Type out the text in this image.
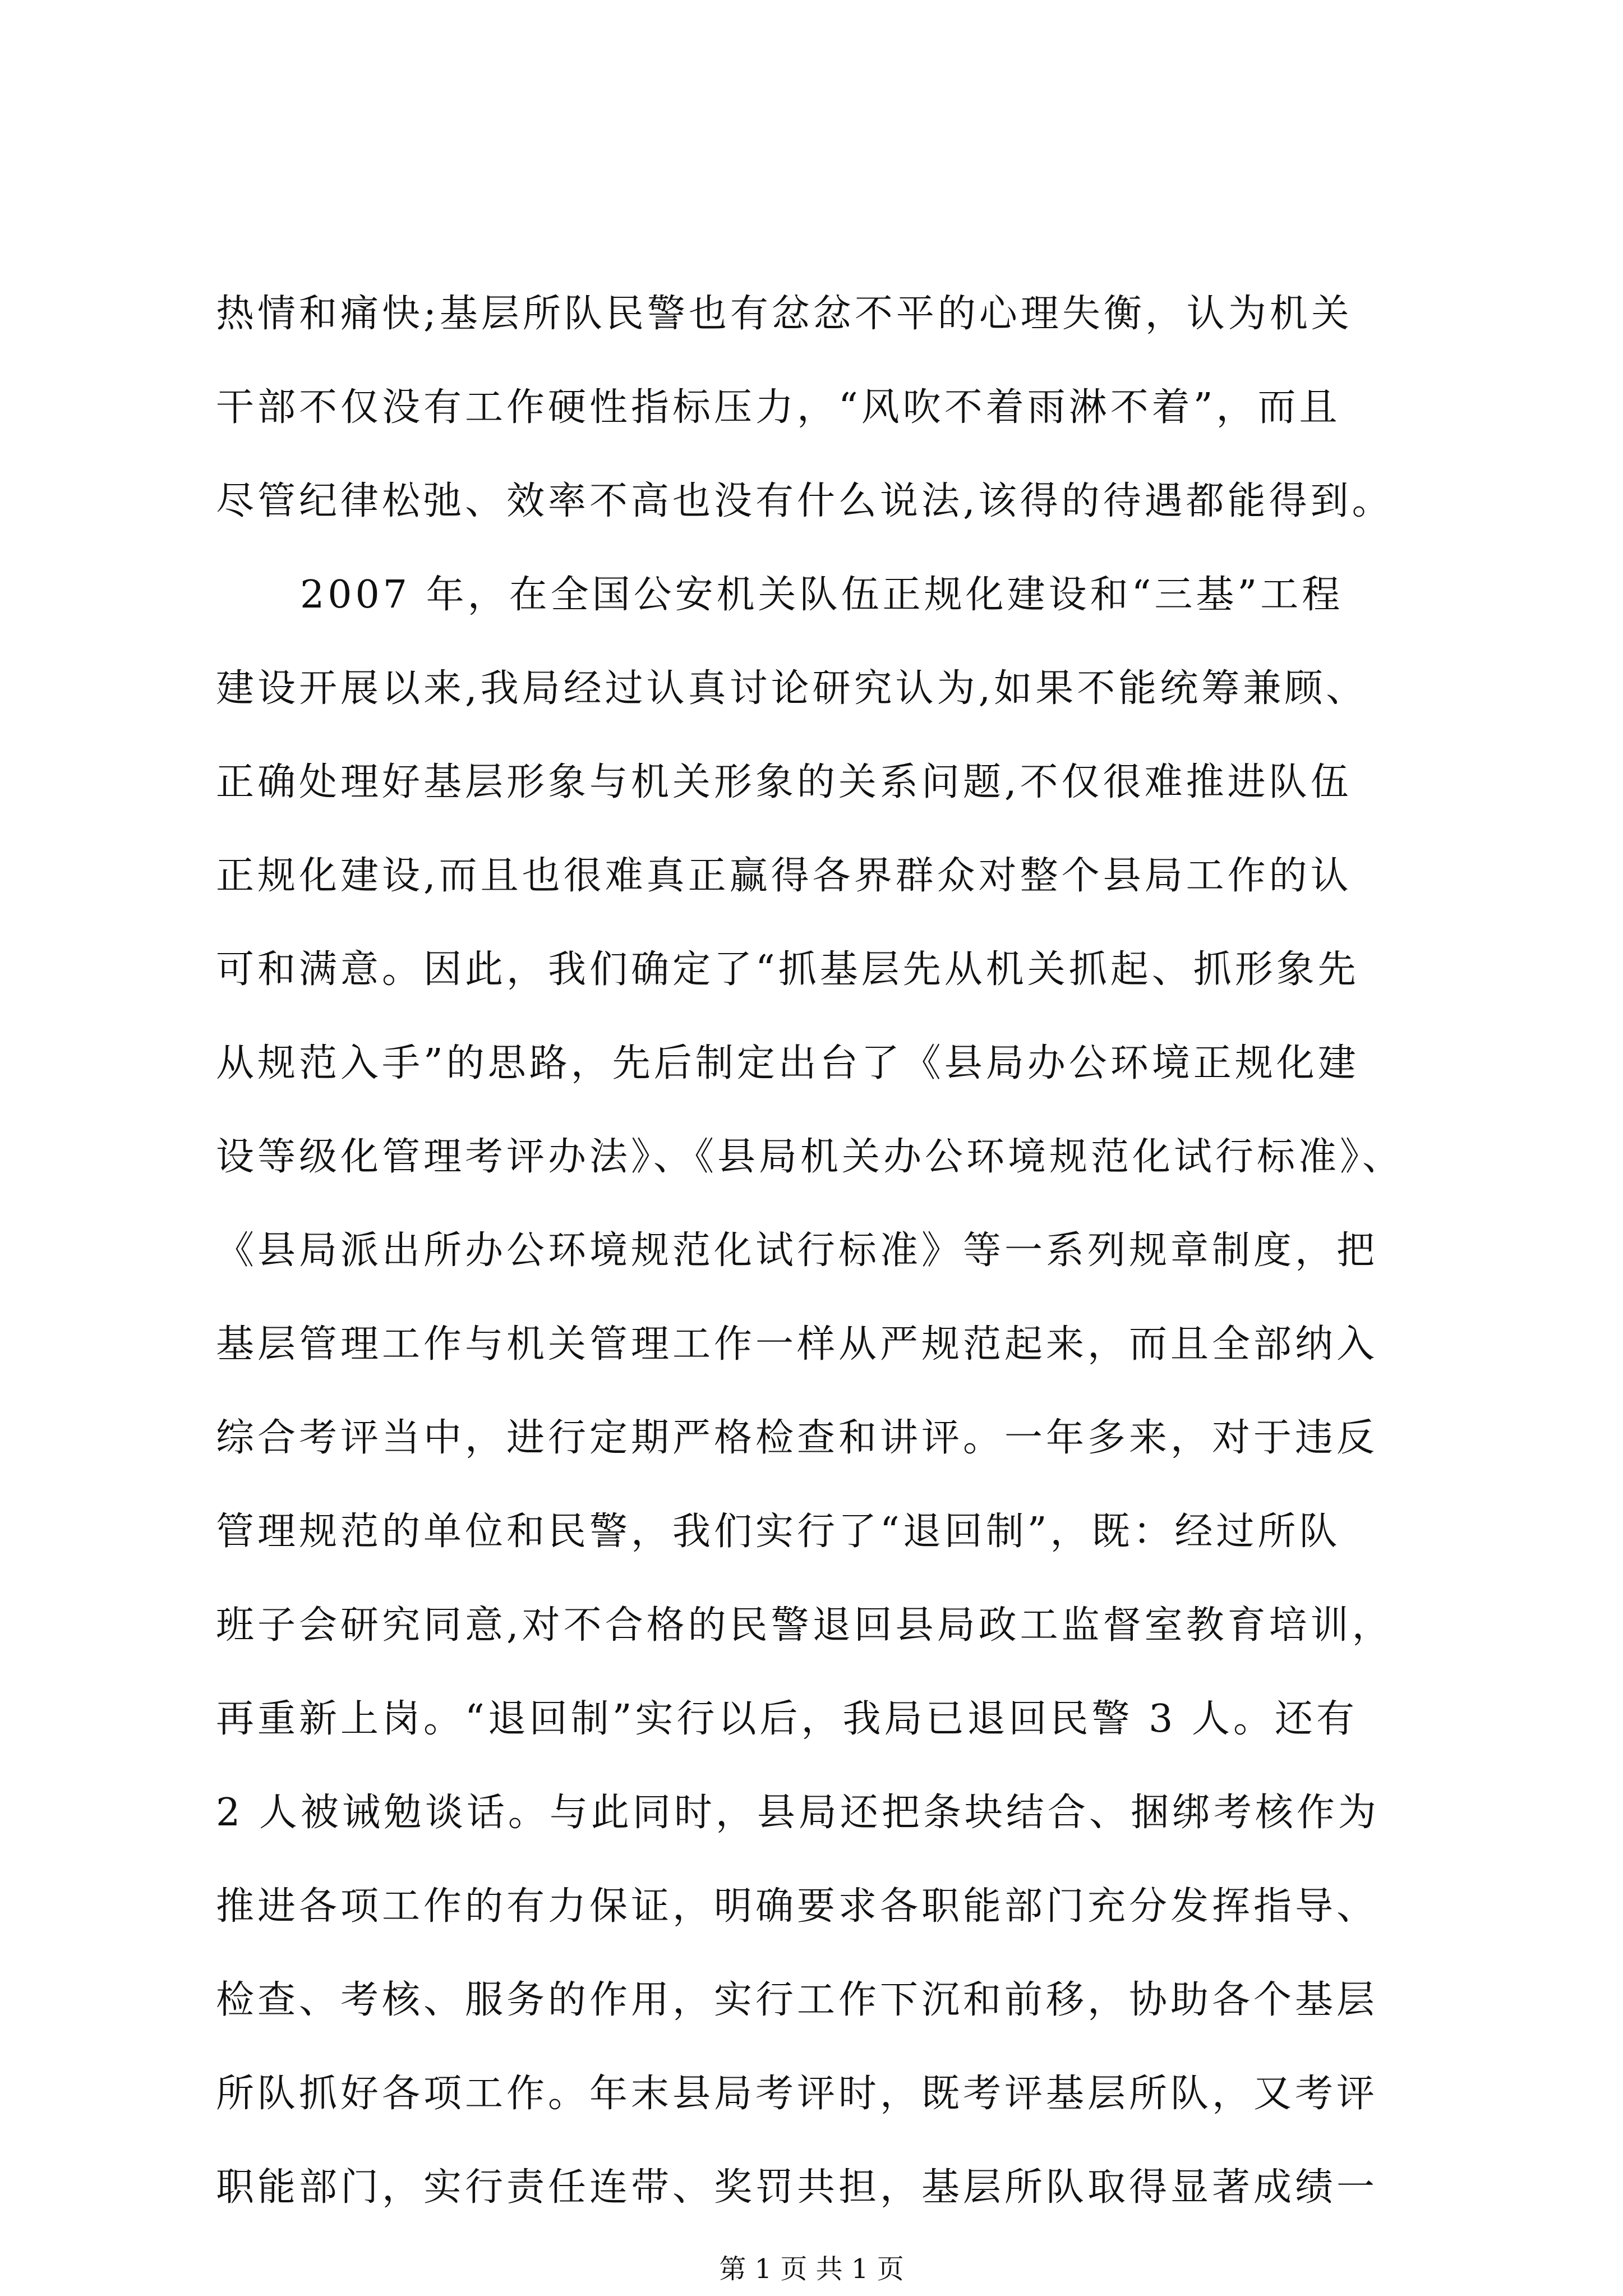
热情和痛快;基层所队民警也有忿忿不平的心理失衡，认为机关
干部不仅没有工作硬性指标压力，“风吹不着雨淋不着”，而且
尽管纪律松弛、效率不高也没有什么说法,该得的待遇都能得到。
2007 年，在全国公安机关队伍正规化建设和“三基”工程
建设开展以来,我局经过认真讨论研究认为,如果不能统筹兼顾、
正确处理好基层形象与机关形象的关系问题,不仅很难推进队伍
正规化建设,而且也很难真正赢得各界群众对整个县局工作的认
可和满意。因此，我们确定了“抓基层先从机关抓起、抓形象先
从规范入手”的思路，先后制定出台了《县局办公环境正规化建
设等级化管理考评办法》、《县局机关办公环境规范化试行标准》、
《县局派出所办公环境规范化试行标准》等一系列规章制度，把
基层管理工作与机关管理工作一样从严规范起来，而且全部纳入
综合考评当中，进行定期严格检查和讲评。一年多来，对于违反
管理规范的单位和民警，我们实行了“退回制”，既：经过所队
班子会研究同意,对不合格的民警退回县局政工监督室教育培训，
再重新上岗。“退回制”实行以后，我局已退回民警 3 人。还有
2 人被诫勉谈话。与此同时，县局还把条块结合、捆绑考核作为
推进各项工作的有力保证，明确要求各职能部门充分发挥指导、
检查、考核、服务的作用，实行工作下沉和前移，协助各个基层
所队抓好各项工作。年末县局考评时，既考评基层所队，又考评
职能部门，实行责任连带、奖罚共担，基层所队取得显著成绩一
第 1 页 共 1 页
